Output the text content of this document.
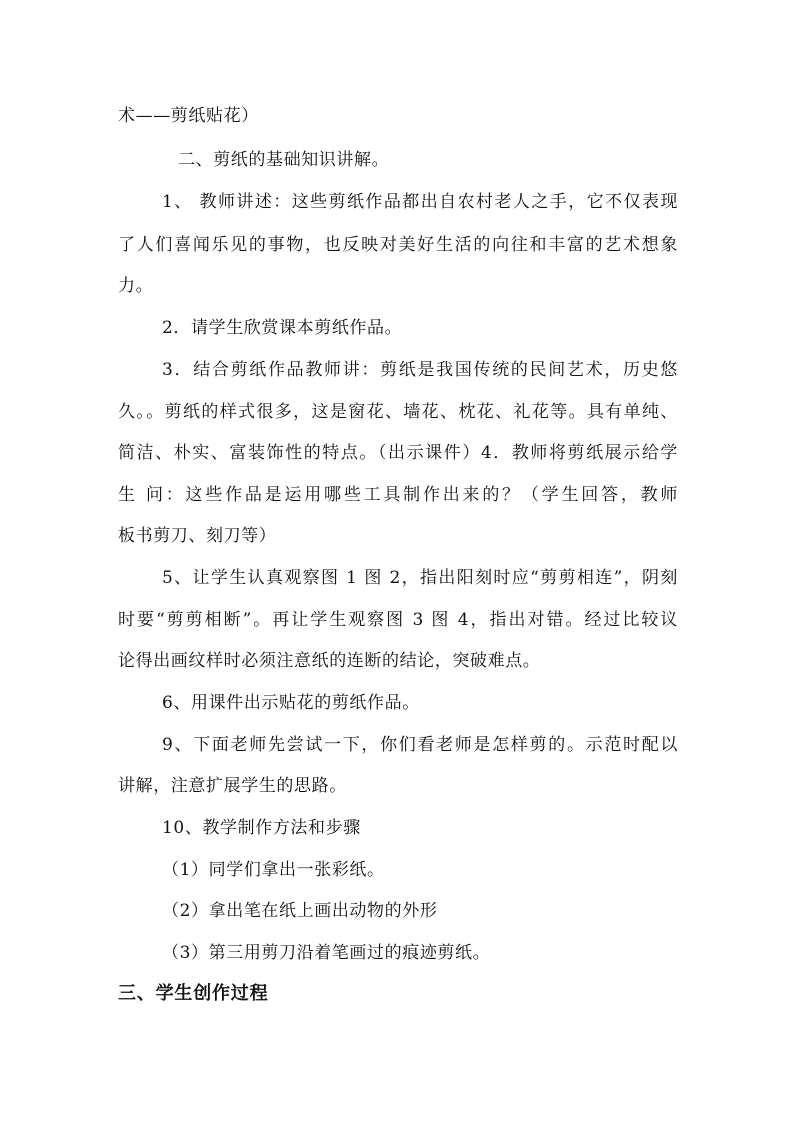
术——剪纸贴花）
二、剪纸的基础知识讲解。
1、 教师讲述：这些剪纸作品都出自农村老人之手，它不仅表现
了人们喜闻乐见的事物，也反映对美好生活的向往和丰富的艺术想象
力。
2．请学生欣赏课本剪纸作品。
3．结合剪纸作品教师讲：剪纸是我国传统的民间艺术，历史悠
久。。剪纸的样式很多，这是窗花、墙花、枕花、礼花等。具有单纯、
简洁、朴实、富装饰性的特点。（出示课件）4．教师将剪纸展示给学
生 问：这些作品是运用哪些工具制作出来的？（学生回答，教师
板书剪刀、刻刀等）
5、让学生认真观察图 1 图 2，指出阳刻时应“剪剪相连”，阴刻
时要“剪剪相断”。再让学生观察图 3 图 4，指出对错。经过比较议
论得出画纹样时必须注意纸的连断的结论，突破难点。
6、用课件出示贴花的剪纸作品。
9、下面老师先尝试一下，你们看老师是怎样剪的。示范时配以
讲解，注意扩展学生的思路。
10、教学制作方法和步骤
（1）同学们拿出一张彩纸。
（2）拿出笔在纸上画出动物的外形
（3）第三用剪刀沿着笔画过的痕迹剪纸。
三、学生创作过程
